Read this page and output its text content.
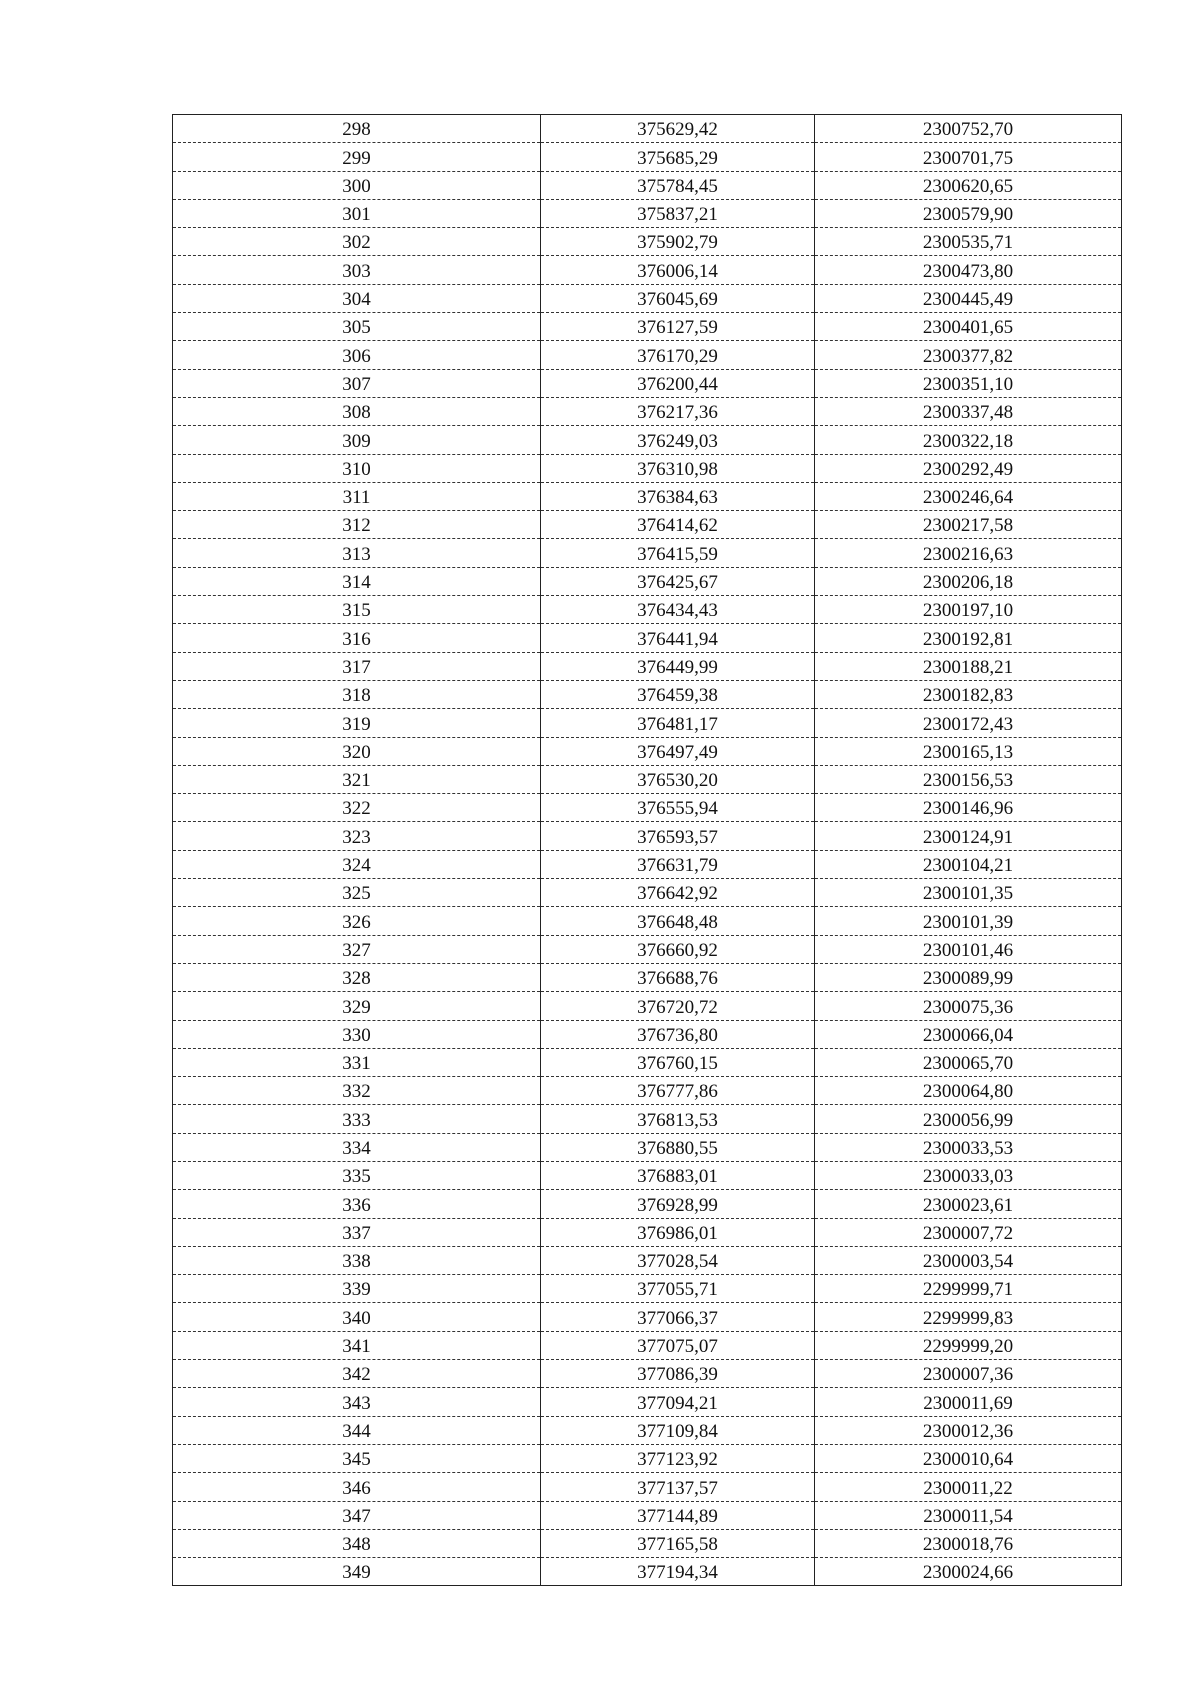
298	375629,42	2300752,70
299	375685,29	2300701,75
300	375784,45	2300620,65
301	375837,21	2300579,90
302	375902,79	2300535,71
303	376006,14	2300473,80
304	376045,69	2300445,49
305	376127,59	2300401,65
306	376170,29	2300377,82
307	376200,44	2300351,10
308	376217,36	2300337,48
309	376249,03	2300322,18
310	376310,98	2300292,49
311	376384,63	2300246,64
312	376414,62	2300217,58
313	376415,59	2300216,63
314	376425,67	2300206,18
315	376434,43	2300197,10
316	376441,94	2300192,81
317	376449,99	2300188,21
318	376459,38	2300182,83
319	376481,17	2300172,43
320	376497,49	2300165,13
321	376530,20	2300156,53
322	376555,94	2300146,96
323	376593,57	2300124,91
324	376631,79	2300104,21
325	376642,92	2300101,35
326	376648,48	2300101,39
327	376660,92	2300101,46
328	376688,76	2300089,99
329	376720,72	2300075,36
330	376736,80	2300066,04
331	376760,15	2300065,70
332	376777,86	2300064,80
333	376813,53	2300056,99
334	376880,55	2300033,53
335	376883,01	2300033,03
336	376928,99	2300023,61
337	376986,01	2300007,72
338	377028,54	2300003,54
339	377055,71	2299999,71
340	377066,37	2299999,83
341	377075,07	2299999,20
342	377086,39	2300007,36
343	377094,21	2300011,69
344	377109,84	2300012,36
345	377123,92	2300010,64
346	377137,57	2300011,22
347	377144,89	2300011,54
348	377165,58	2300018,76
349	377194,34	2300024,66
